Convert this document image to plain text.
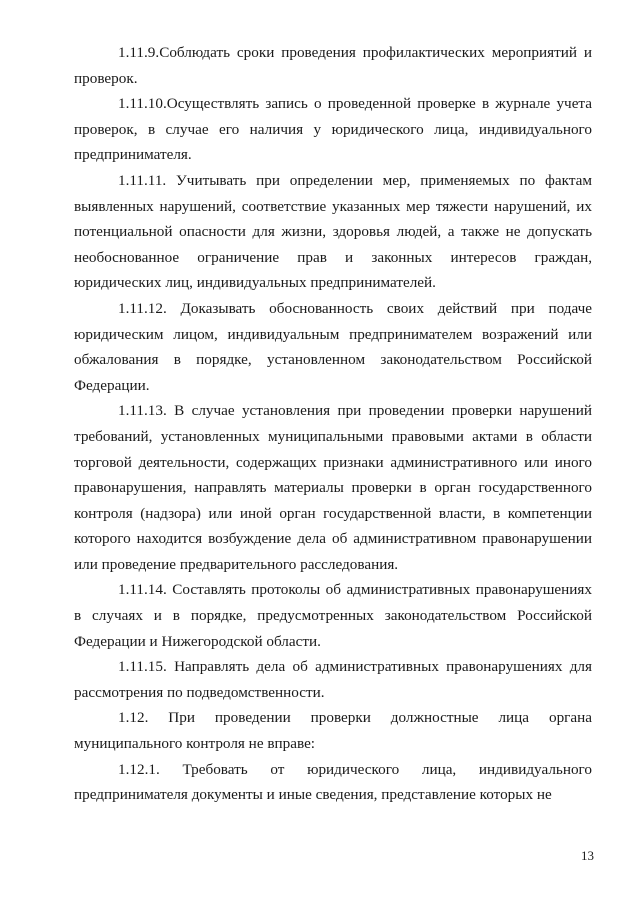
1.11.9.Соблюдать сроки проведения профилактических мероприятий и проверок.

1.11.10.Осуществлять запись о проведенной проверке в журнале учета проверок, в случае его наличия у юридического лица, индивидуального предпринимателя.

1.11.11. Учитывать при определении мер, применяемых по фактам выявленных нарушений, соответствие указанных мер тяжести нарушений, их потенциальной опасности для жизни, здоровья людей, а также не допускать необоснованное ограничение прав и законных интересов граждан, юридических лиц, индивидуальных предпринимателей.

1.11.12. Доказывать обоснованность своих действий при подаче юридическим лицом, индивидуальным предпринимателем возражений или обжалования в порядке, установленном законодательством Российской Федерации.

1.11.13. В случае установления при проведении проверки нарушений требований, установленных муниципальными правовыми актами в области торговой деятельности, содержащих признаки административного или иного правонарушения, направлять материалы проверки в орган государственного контроля (надзора) или иной орган государственной власти, в компетенции которого находится возбуждение дела об административном правонарушении или проведение предварительного расследования.

1.11.14. Составлять протоколы об административных правонарушениях в случаях и в порядке, предусмотренных законодательством Российской Федерации и Нижегородской области.

1.11.15. Направлять дела об административных правонарушениях для рассмотрения по подведомственности.

1.12. При проведении проверки должностные лица органа муниципального контроля не вправе:

1.12.1. Требовать от юридического лица, индивидуального предпринимателя документы и иные сведения, представление которых не

13
